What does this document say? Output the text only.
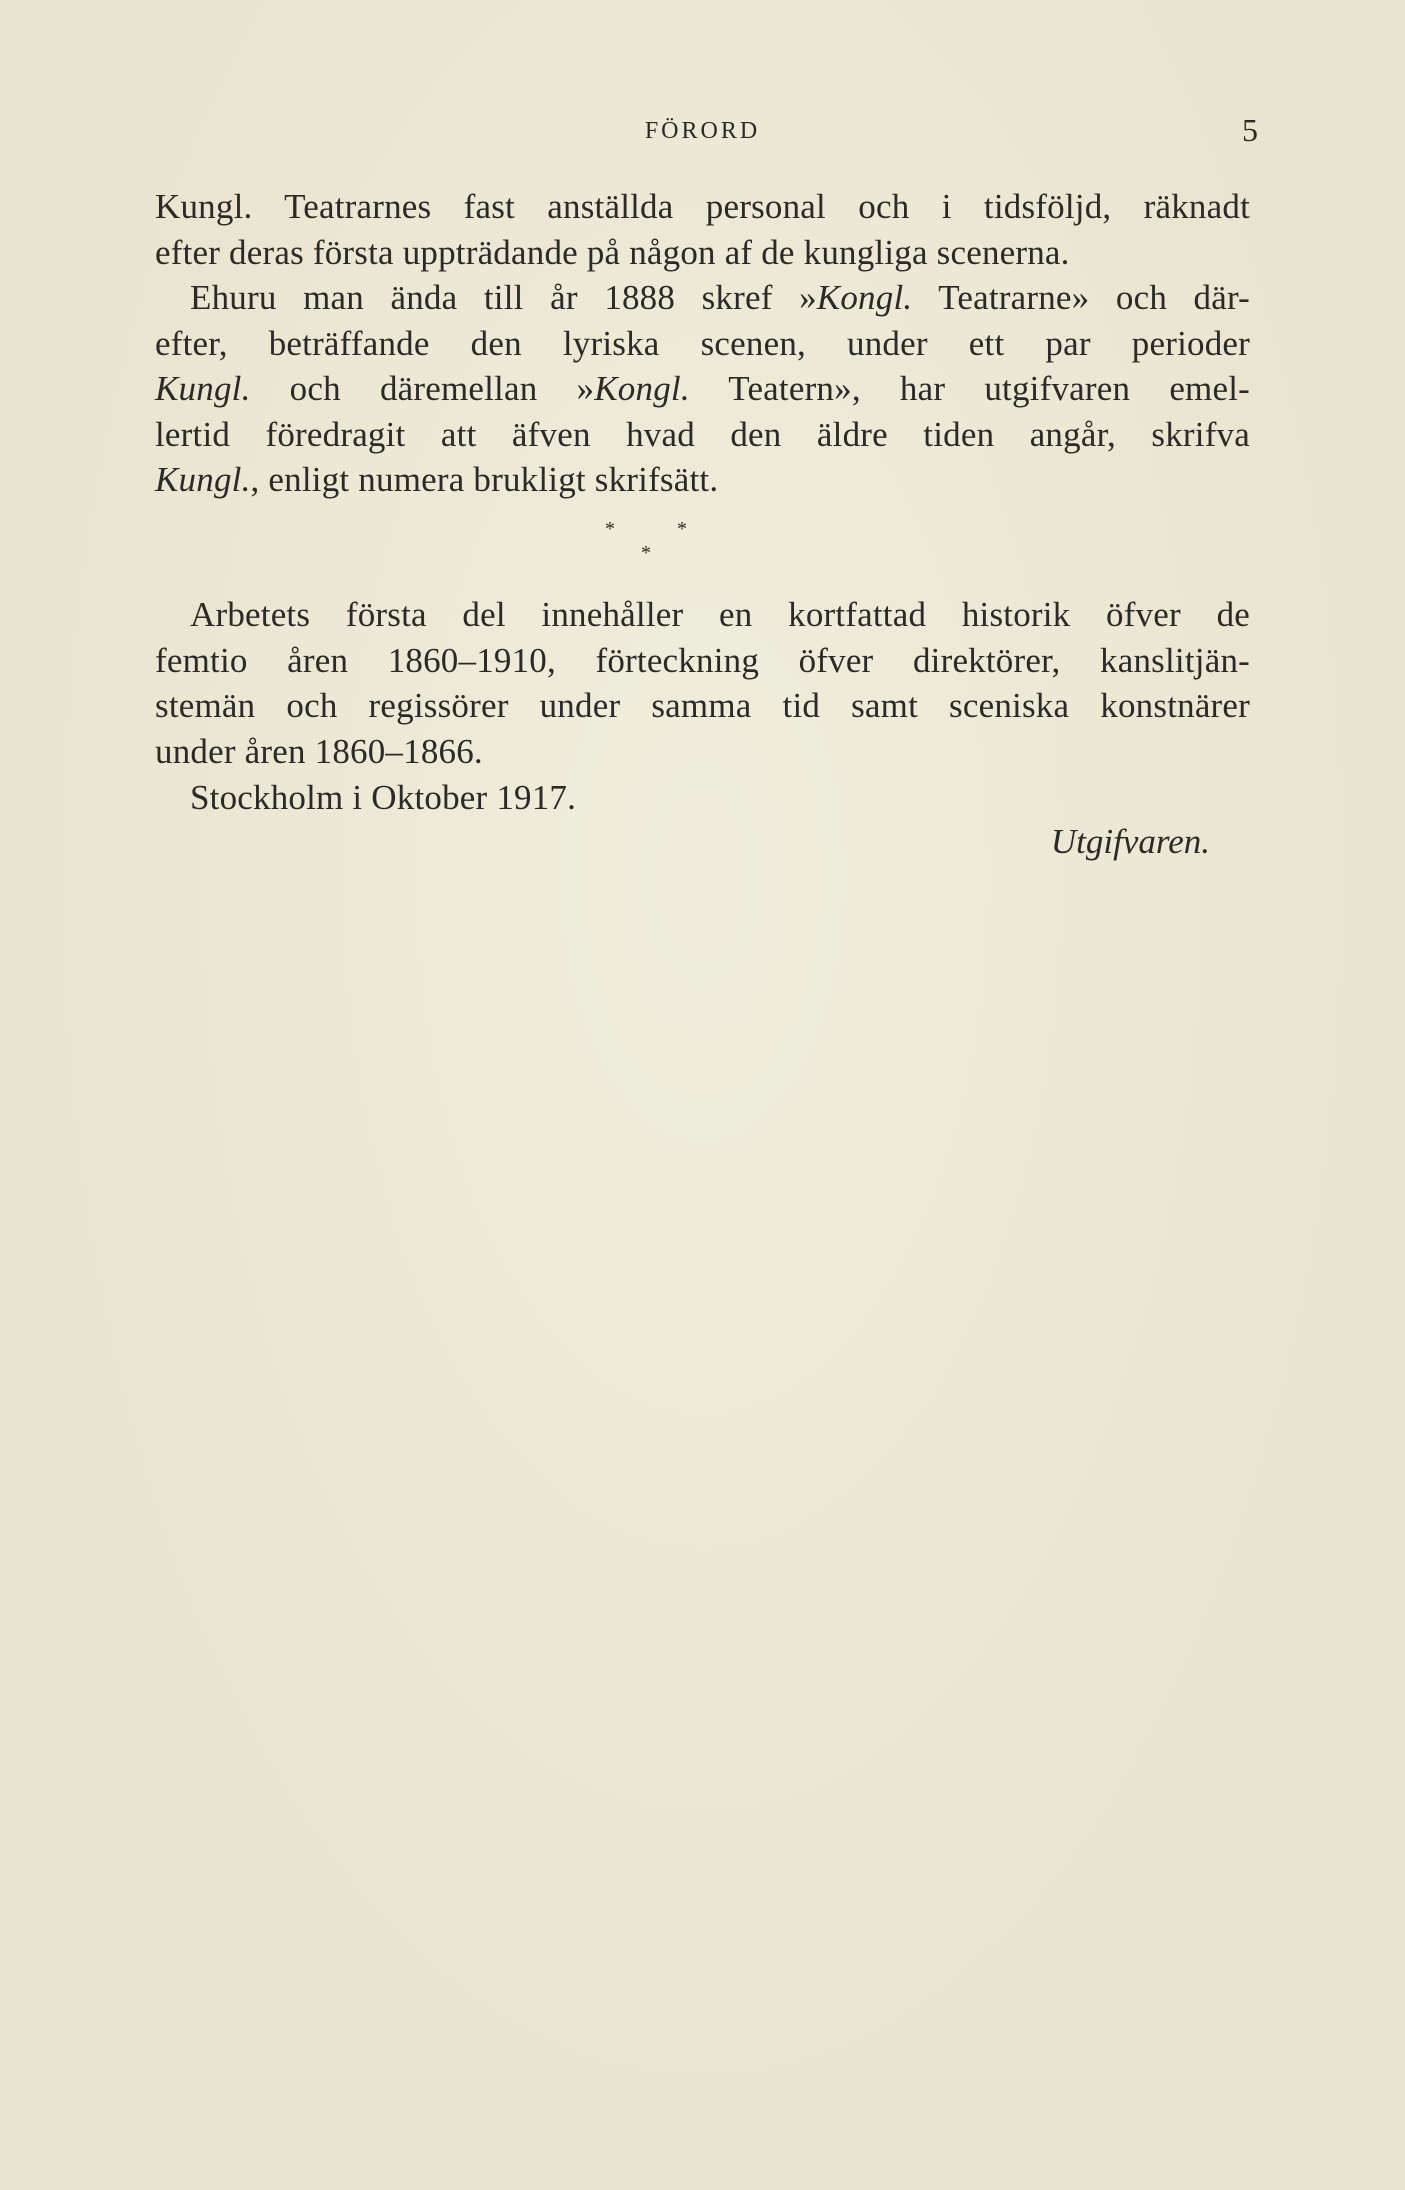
FÖRORD	5
Kungl. Teatrarnes fast anställda personal och i tidsföljd, räknadt
efter deras första uppträdande på någon af de kungliga scenerna.
Ehuru man ända till år 1888 skref »Kongl. Teatrarne» och där-
efter, beträffande den lyriska scenen, under ett par perioder
Kungl. och däremellan »Kongl. Teatern», har utgifvaren emel-
lertid föredragit att äfven hvad den äldre tiden angår, skrifva
Kungl., enligt numera brukligt skrifsätt.
*	*
*
Arbetets första del innehåller en kortfattad historik öfver de
femtio åren 1860–1910, förteckning öfver direktörer, kanslitjän-
stemän och regissörer under samma tid samt sceniska konstnärer
under åren 1860–1866.
Stockholm i Oktober 1917.
Utgifvaren.
